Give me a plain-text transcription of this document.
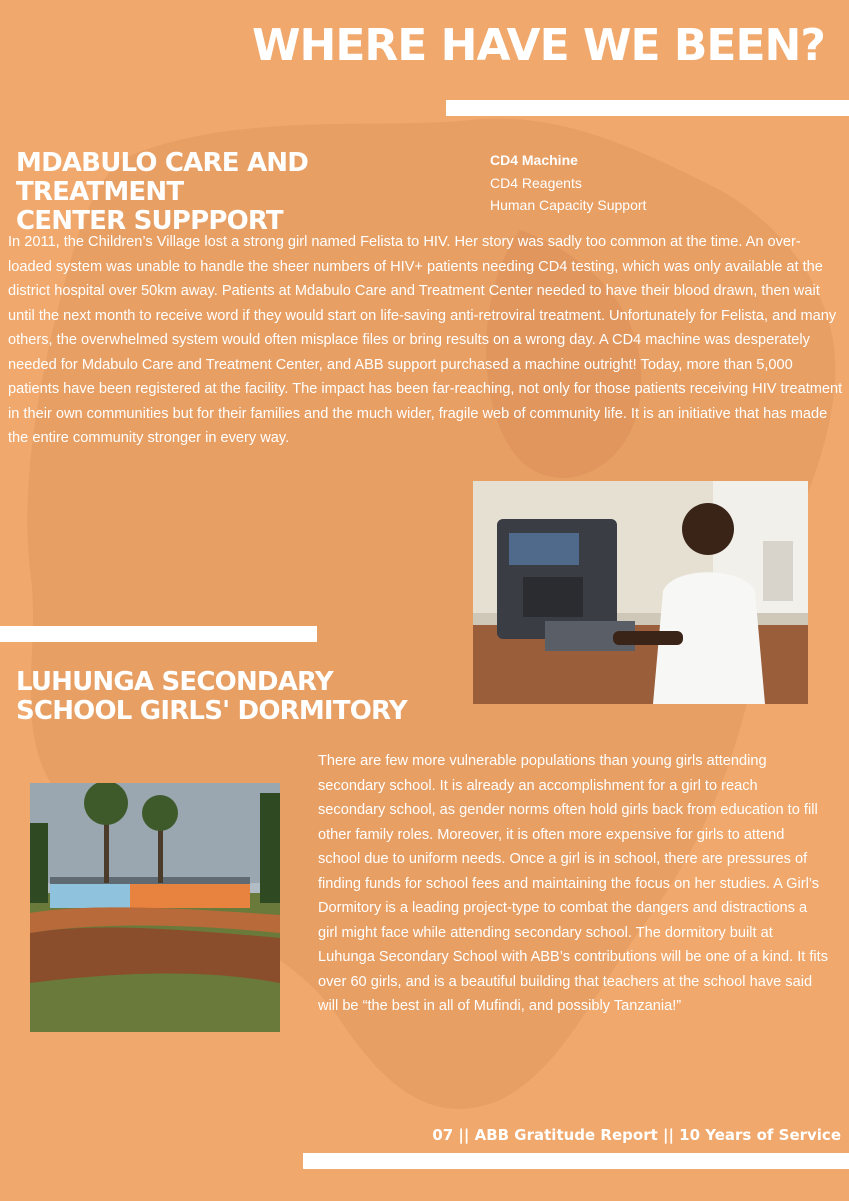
WHERE HAVE WE BEEN?
MDABULO CARE AND TREATMENT
CENTER SUPPPORT
CD4 Machine
CD4 Reagents
Human Capacity Support

In 2011, the Children’s Village lost a strong girl named Felista to HIV. Her story was sadly too common at the time. An over-loaded system was unable to handle the sheer numbers of HIV+ patients needing CD4 testing, which was only available at the district hospital over 50km away. Patients at Mdabulo Care and Treatment Center needed to have their blood drawn, then wait until the next month to receive word if they would start on life-saving anti-retroviral treatment. Unfortunately for Felista, and many others, the overwhelmed system would often misplace files or bring results on a wrong day. A CD4 machine was desperately needed for Mdabulo Care and Treatment Center, and ABB support purchased a machine outright! Today, more than 5,000 patients have been registered at the facility. The impact has been far-reaching, not only for those patients receiving HIV treatment in their own communities but for their families and the much wider, fragile web of community life. It is an initiative that has made the entire community stronger in every way.

LUHUNGA SECONDARY
SCHOOL GIRLS' DORMITORY

There are few more vulnerable populations than young girls attending secondary school. It is already an accomplishment for a girl to reach secondary school, as gender norms often hold girls back from education to fill other family roles. Moreover, it is often more expensive for girls to attend school due to uniform needs. Once a girl is in school, there are pressures of finding funds for school fees and maintaining the focus on her studies. A Girl’s Dormitory is a leading project-type to combat the dangers and distractions a girl might face while attending secondary school. The dormitory built at Luhunga Secondary School with ABB’s contributions will be one of a kind. It fits over 60 girls, and is a beautiful building that teachers at the school have said will be “the best in all of Mufindi, and possibly Tanzania!”

07 || ABB Gratitude Report || 10 Years of Service
